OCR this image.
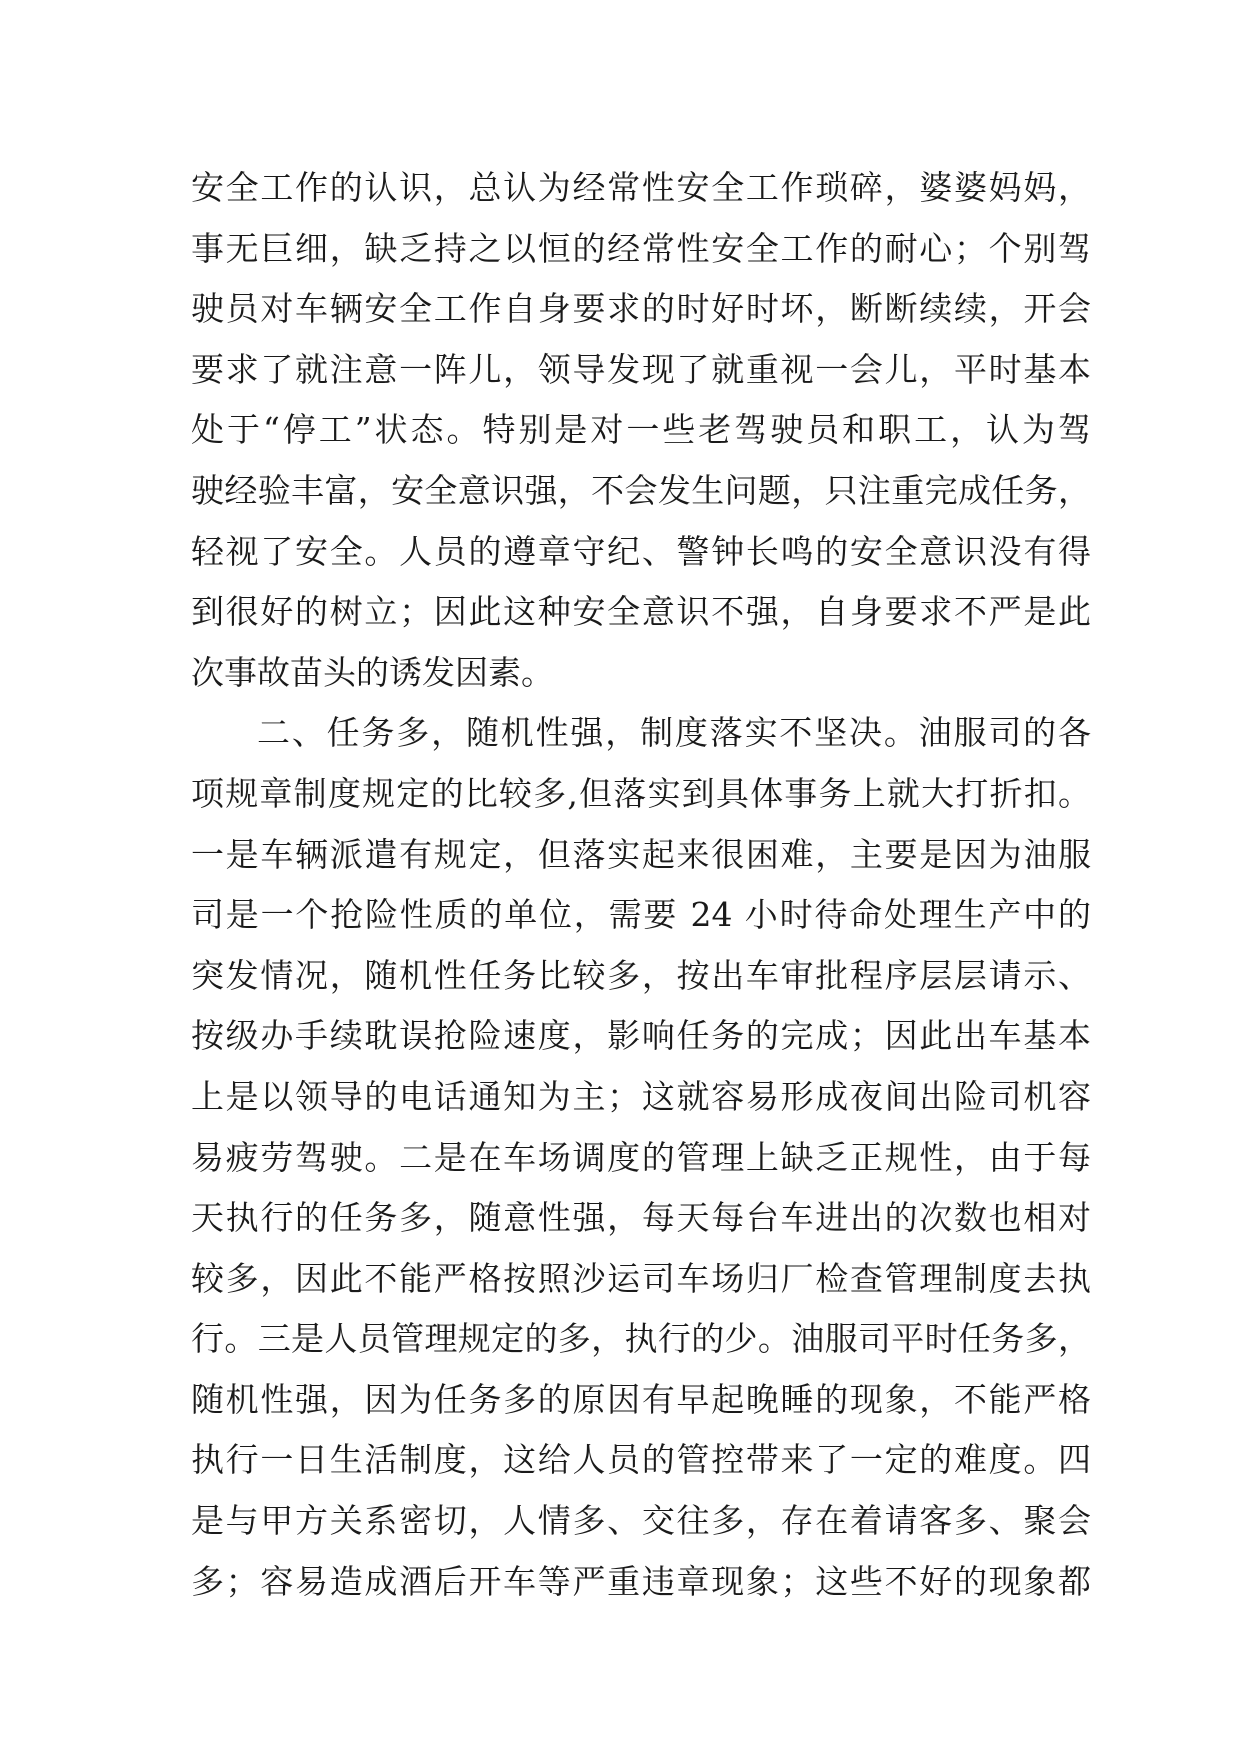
安全工作的认识，总认为经常性安全工作琐碎，婆婆妈妈，
事无巨细，缺乏持之以恒的经常性安全工作的耐心；个别驾
驶员对车辆安全工作自身要求的时好时坏，断断续续，开会
要求了就注意一阵儿，领导发现了就重视一会儿，平时基本
处于“停工”状态。特别是对一些老驾驶员和职工，认为驾
驶经验丰富，安全意识强，不会发生问题，只注重完成任务，
轻视了安全。人员的遵章守纪、警钟长鸣的安全意识没有得
到很好的树立；因此这种安全意识不强，自身要求不严是此
次事故苗头的诱发因素。
二、任务多，随机性强，制度落实不坚决。油服司的各
项规章制度规定的比较多,但落实到具体事务上就大打折扣。
一是车辆派遣有规定，但落实起来很困难，主要是因为油服
司是一个抢险性质的单位，需要 24 小时待命处理生产中的
突发情况，随机性任务比较多，按出车审批程序层层请示、
按级办手续耽误抢险速度，影响任务的完成；因此出车基本
上是以领导的电话通知为主；这就容易形成夜间出险司机容
易疲劳驾驶。二是在车场调度的管理上缺乏正规性，由于每
天执行的任务多，随意性强，每天每台车进出的次数也相对
较多，因此不能严格按照沙运司车场归厂检查管理制度去执
行。三是人员管理规定的多，执行的少。油服司平时任务多，
随机性强，因为任务多的原因有早起晚睡的现象，不能严格
执行一日生活制度，这给人员的管控带来了一定的难度。四
是与甲方关系密切，人情多、交往多，存在着请客多、聚会
多；容易造成酒后开车等严重违章现象；这些不好的现象都
